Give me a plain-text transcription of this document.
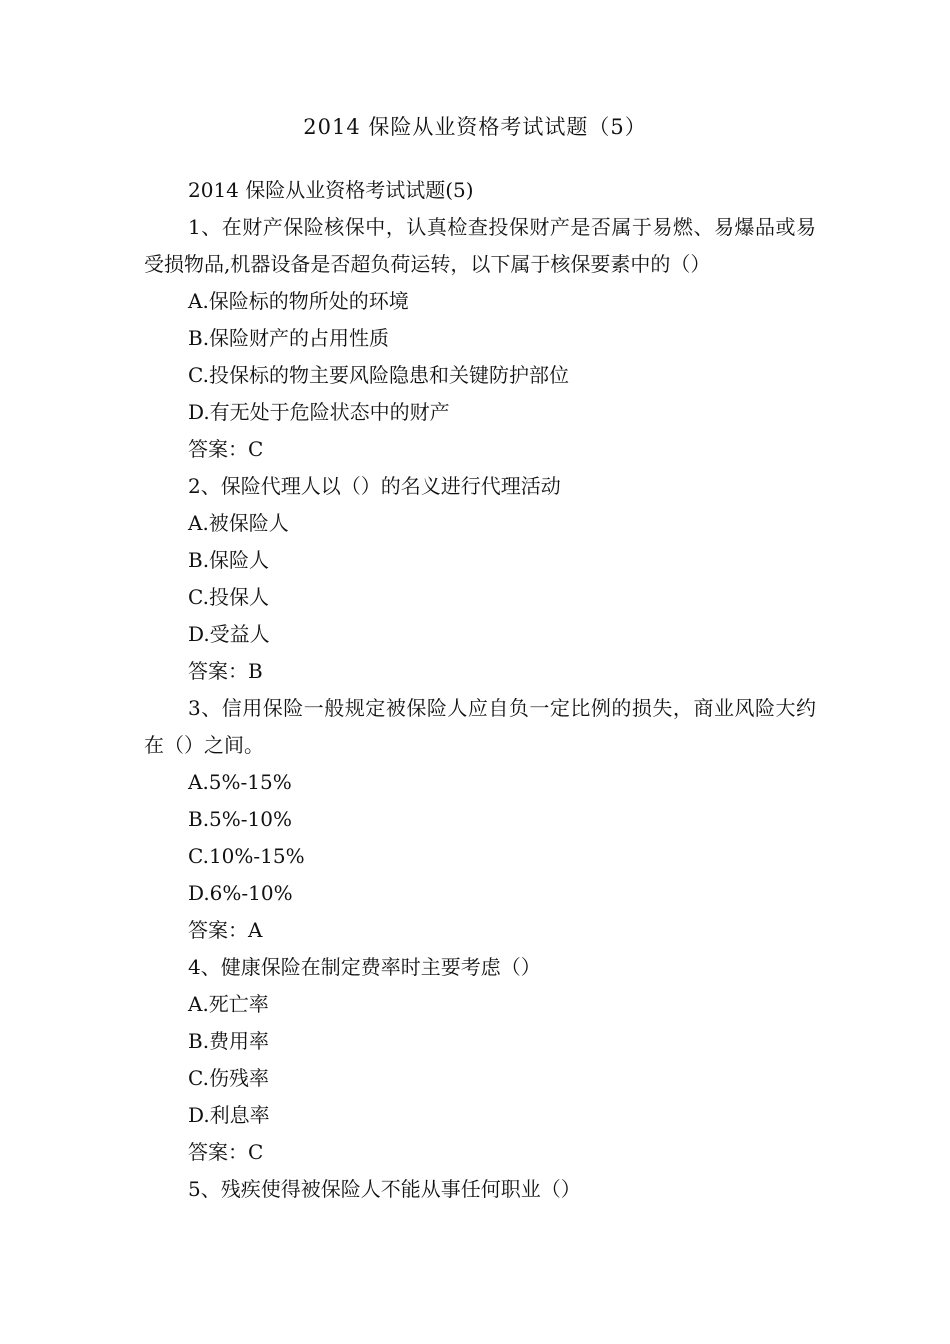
2014 保险从业资格考试试题（5）
2014 保险从业资格考试试题(5)
1、在财产保险核保中，认真检查投保财产是否属于易燃、易爆品或易受损物品,机器设备是否超负荷运转，以下属于核保要素中的（）
A.保险标的物所处的环境
B.保险财产的占用性质
C.投保标的物主要风险隐患和关键防护部位
D.有无处于危险状态中的财产
答案：C
2、保险代理人以（）的名义进行代理活动
A.被保险人
B.保险人
C.投保人
D.受益人
答案：B
3、信用保险一般规定被保险人应自负一定比例的损失，商业风险大约在（）之间。
A.5%-15%
B.5%-10%
C.10%-15%
D.6%-10%
答案：A
4、健康保险在制定费率时主要考虑（）
A.死亡率
B.费用率
C.伤残率
D.利息率
答案：C
5、残疾使得被保险人不能从事任何职业（）
